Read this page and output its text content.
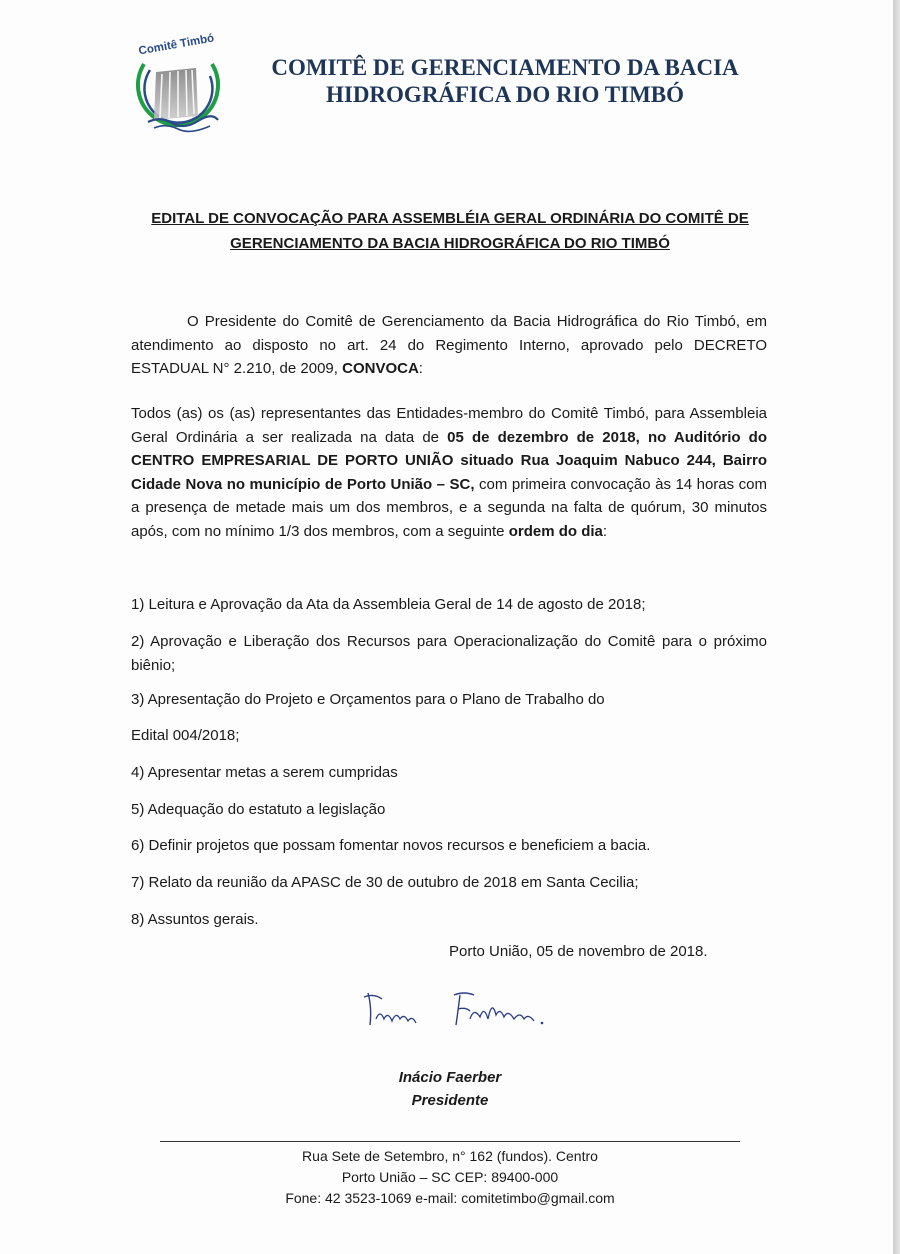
Comitê Timbó
COMITÊ DE GERENCIAMENTO DA BACIA
HIDROGRÁFICA DO RIO TIMBÓ
EDITAL DE CONVOCAÇÃO PARA ASSEMBLÉIA GERAL ORDINÁRIA DO COMITÊ DE
GERENCIAMENTO DA BACIA HIDROGRÁFICA DO RIO TIMBÓ

O Presidente do Comitê de Gerenciamento da Bacia Hidrográfica do Rio Timbó, em atendimento ao disposto no art. 24 do Regimento Interno, aprovado pelo DECRETO ESTADUAL N° 2.210, de 2009, CONVOCA:

Todos (as) os (as) representantes das Entidades-membro do Comitê Timbó, para Assembleia Geral Ordinária a ser realizada na data de 05 de dezembro de 2018, no Auditório do CENTRO EMPRESARIAL DE PORTO UNIÃO situado Rua Joaquim Nabuco 244, Bairro Cidade Nova no município de Porto União – SC, com primeira convocação às 14 horas com a presença de metade mais um dos membros, e a segunda na falta de quórum, 30 minutos após, com no mínimo 1/3 dos membros, com a seguinte ordem do dia:

1) Leitura e Aprovação da Ata da Assembleia Geral de 14 de agosto de 2018;

2) Aprovação e Liberação dos Recursos para Operacionalização do Comitê para o próximo biênio;

3) Apresentação do Projeto e Orçamentos para o Plano de Trabalho do

Edital 004/2018;

4) Apresentar metas a serem cumpridas

5) Adequação do estatuto a legislação

6) Definir projetos que possam fomentar novos recursos e beneficiem a bacia.

7) Relato da reunião da APASC de 30 de outubro de 2018 em Santa Cecilia;

8) Assuntos gerais.

Porto União, 05 de novembro de 2018.

Inácio Faerber
Presidente

Rua Sete de Setembro, n° 162 (fundos). Centro
Porto União – SC CEP: 89400-000
Fone: 42 3523-1069 e-mail: comitetimbo@gmail.com
